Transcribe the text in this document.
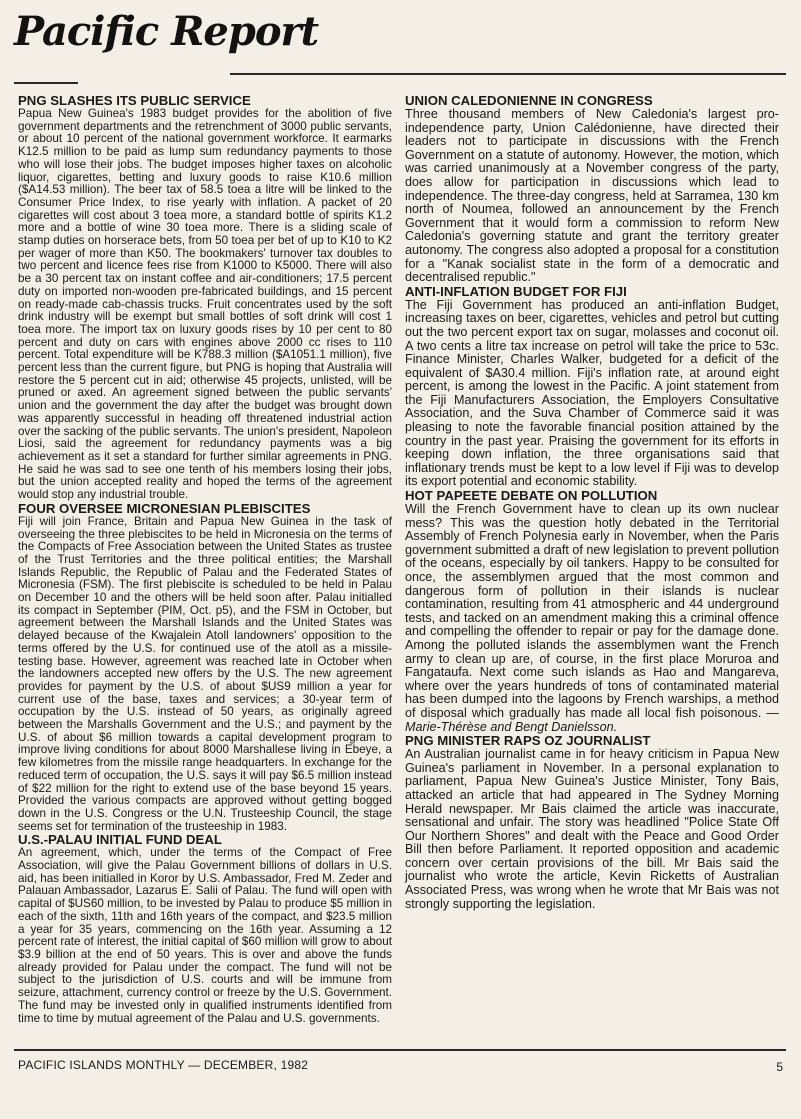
Pacific Report
PNG SLASHES ITS PUBLIC SERVICE

Papua New Guinea's 1983 budget provides for the abolition of five government departments and the retrenchment of 3000 public servants, or about 10 percent of the national government workforce. It earmarks K12.5 million to be paid as lump sum redundancy payments to those who will lose their jobs. The budget imposes higher taxes on alcoholic liquor, cigarettes, betting and luxury goods to raise K10.6 million ($A14.53 million). The beer tax of 58.5 toea a litre will be linked to the Consumer Price Index, to rise yearly with inflation. A packet of 20 cigarettes will cost about 3 toea more, a standard bottle of spirits K1.2 more and a bottle of wine 30 toea more. There is a sliding scale of stamp duties on horserace bets, from 50 toea per bet of up to K10 to K2 per wager of more than K50. The bookmakers' turnover tax doubles to two percent and licence fees rise from K1000 to K5000. There will also be a 30 percent tax on instant coffee and air-conditioners; 17.5 percent duty on imported non-wooden pre-fabricated buildings, and 15 percent on ready-made cab-chassis trucks. Fruit concentrates used by the soft drink industry will be exempt but small bottles of soft drink will cost 1 toea more. The import tax on luxury goods rises by 10 per cent to 80 percent and duty on cars with engines above 2000 cc rises to 110 percent. Total expenditure will be K788.3 million ($A1051.1 million), five percent less than the current figure, but PNG is hoping that Australia will restore the 5 percent cut in aid; otherwise 45 projects, unlisted, will be pruned or axed. An agreement signed between the public servants' union and the government the day after the budget was brought down was apparently successful in heading off threatened industrial action over the sacking of the public servants. The union's president, Napoleon Liosi, said the agreement for redundancy payments was a big achievement as it set a standard for further similar agreements in PNG. He said he was sad to see one tenth of his members losing their jobs, but the union accepted reality and hoped the terms of the agreement would stop any industrial trouble.

FOUR OVERSEE MICRONESIAN PLEBISCITES

Fiji will join France, Britain and Papua New Guinea in the task of overseeing the three plebiscites to be held in Micronesia on the terms of the Compacts of Free Association between the United States as trustee of the Trust Territories and the three political entities; the Marshall Islands Republic, the Republic of Palau and the Federated States of Micronesia (FSM). The first plebiscite is scheduled to be held in Palau on December 10 and the others will be held soon after. Palau initialled its compact in September (PIM, Oct. p5), and the FSM in October, but agreement between the Marshall Islands and the United States was delayed because of the Kwajalein Atoll landowners' opposition to the terms offered by the U.S. for continued use of the atoll as a missile-testing base. However, agreement was reached late in October when the landowners accepted new offers by the U.S. The new agreement provides for payment by the U.S. of about $US9 million a year for current use of the base, taxes and services; a 30-year term of occupation by the U.S. instead of 50 years, as originally agreed between the Marshalls Government and the U.S.; and payment by the U.S. of about $6 million towards a capital development program to improve living conditions for about 8000 Marshallese living in Ebeye, a few kilometres from the missile range headquarters. In exchange for the reduced term of occupation, the U.S. says it will pay $6.5 million instead of $22 million for the right to extend use of the base beyond 15 years. Provided the various compacts are approved without getting bogged down in the U.S. Congress or the U.N. Trusteeship Council, the stage seems set for termination of the trusteeship in 1983.

U.S.-PALAU INITIAL FUND DEAL

An agreement, which, under the terms of the Compact of Free Association, will give the Palau Government billions of dollars in U.S. aid, has been initialled in Koror by U.S. Ambassador, Fred M. Zeder and Palauan Ambassador, Lazarus E. Salii of Palau. The fund will open with capital of $US60 million, to be invested by Palau to produce $5 million in each of the sixth, 11th and 16th years of the compact, and $23.5 million a year for 35 years, commencing on the 16th year. Assuming a 12 percent rate of interest, the initial capital of $60 million will grow to about $3.9 billion at the end of 50 years. This is over and above the funds already provided for Palau under the compact. The fund will not be subject to the jurisdiction of U.S. courts and will be immune from seizure, attachment, currency control or freeze by the U.S. Government. The fund may be invested only in qualified instruments identified from time to time by mutual agreement of the Palau and U.S. governments.

UNION CALEDONIENNE IN CONGRESS

Three thousand members of New Caledonia's largest pro-independence party, Union Calédonienne, have directed their leaders not to participate in discussions with the French Government on a statute of autonomy. However, the motion, which was carried unanimously at a November congress of the party, does allow for participation in discussions which lead to independence. The three-day congress, held at Sarramea, 130 km north of Noumea, followed an announcement by the French Government that it would form a commission to reform New Caledonia's governing statute and grant the territory greater autonomy. The congress also adopted a proposal for a constitution for a "Kanak socialist state in the form of a democratic and decentralised republic."

ANTI-INFLATION BUDGET FOR FIJI

The Fiji Government has produced an anti-inflation Budget, increasing taxes on beer, cigarettes, vehicles and petrol but cutting out the two percent export tax on sugar, molasses and coconut oil. A two cents a litre tax increase on petrol will take the price to 53c. Finance Minister, Charles Walker, budgeted for a deficit of the equivalent of $A30.4 million. Fiji's inflation rate, at around eight percent, is among the lowest in the Pacific. A joint statement from the Fiji Manufacturers Association, the Employers Consultative Association, and the Suva Chamber of Commerce said it was pleasing to note the favorable financial position attained by the country in the past year. Praising the government for its efforts in keeping down inflation, the three organisations said that inflationary trends must be kept to a low level if Fiji was to develop its export potential and economic stability.

HOT PAPEETE DEBATE ON POLLUTION

Will the French Government have to clean up its own nuclear mess? This was the question hotly debated in the Territorial Assembly of French Polynesia early in November, when the Paris government submitted a draft of new legislation to prevent pollution of the oceans, especially by oil tankers. Happy to be consulted for once, the assemblymen argued that the most common and dangerous form of pollution in their islands is nuclear contamination, resulting from 41 atmospheric and 44 underground tests, and tacked on an amendment making this a criminal offence and compelling the offender to repair or pay for the damage done. Among the polluted islands the assemblymen want the French army to clean up are, of course, in the first place Moruroa and Fangataufa. Next come such islands as Hao and Mangareva, where over the years hundreds of tons of contaminated material has been dumped into the lagoons by French warships, a method of disposal which gradually has made all local fish poisonous. — Marie-Thérèse and Bengt Danielsson.

PNG MINISTER RAPS OZ JOURNALIST

An Australian journalist came in for heavy criticism in Papua New Guinea's parliament in November. In a personal explanation to parliament, Papua New Guinea's Justice Minister, Tony Bais, attacked an article that had appeared in The Sydney Morning Herald newspaper. Mr Bais claimed the article was inaccurate, sensational and unfair. The story was headlined "Police State Off Our Northern Shores" and dealt with the Peace and Good Order Bill then before Parliament. It reported opposition and academic concern over certain provisions of the bill. Mr Bais said the journalist who wrote the article, Kevin Ricketts of Australian Associated Press, was wrong when he wrote that Mr Bais was not strongly supporting the legislation.

PACIFIC ISLANDS MONTHLY — DECEMBER, 1982	5
